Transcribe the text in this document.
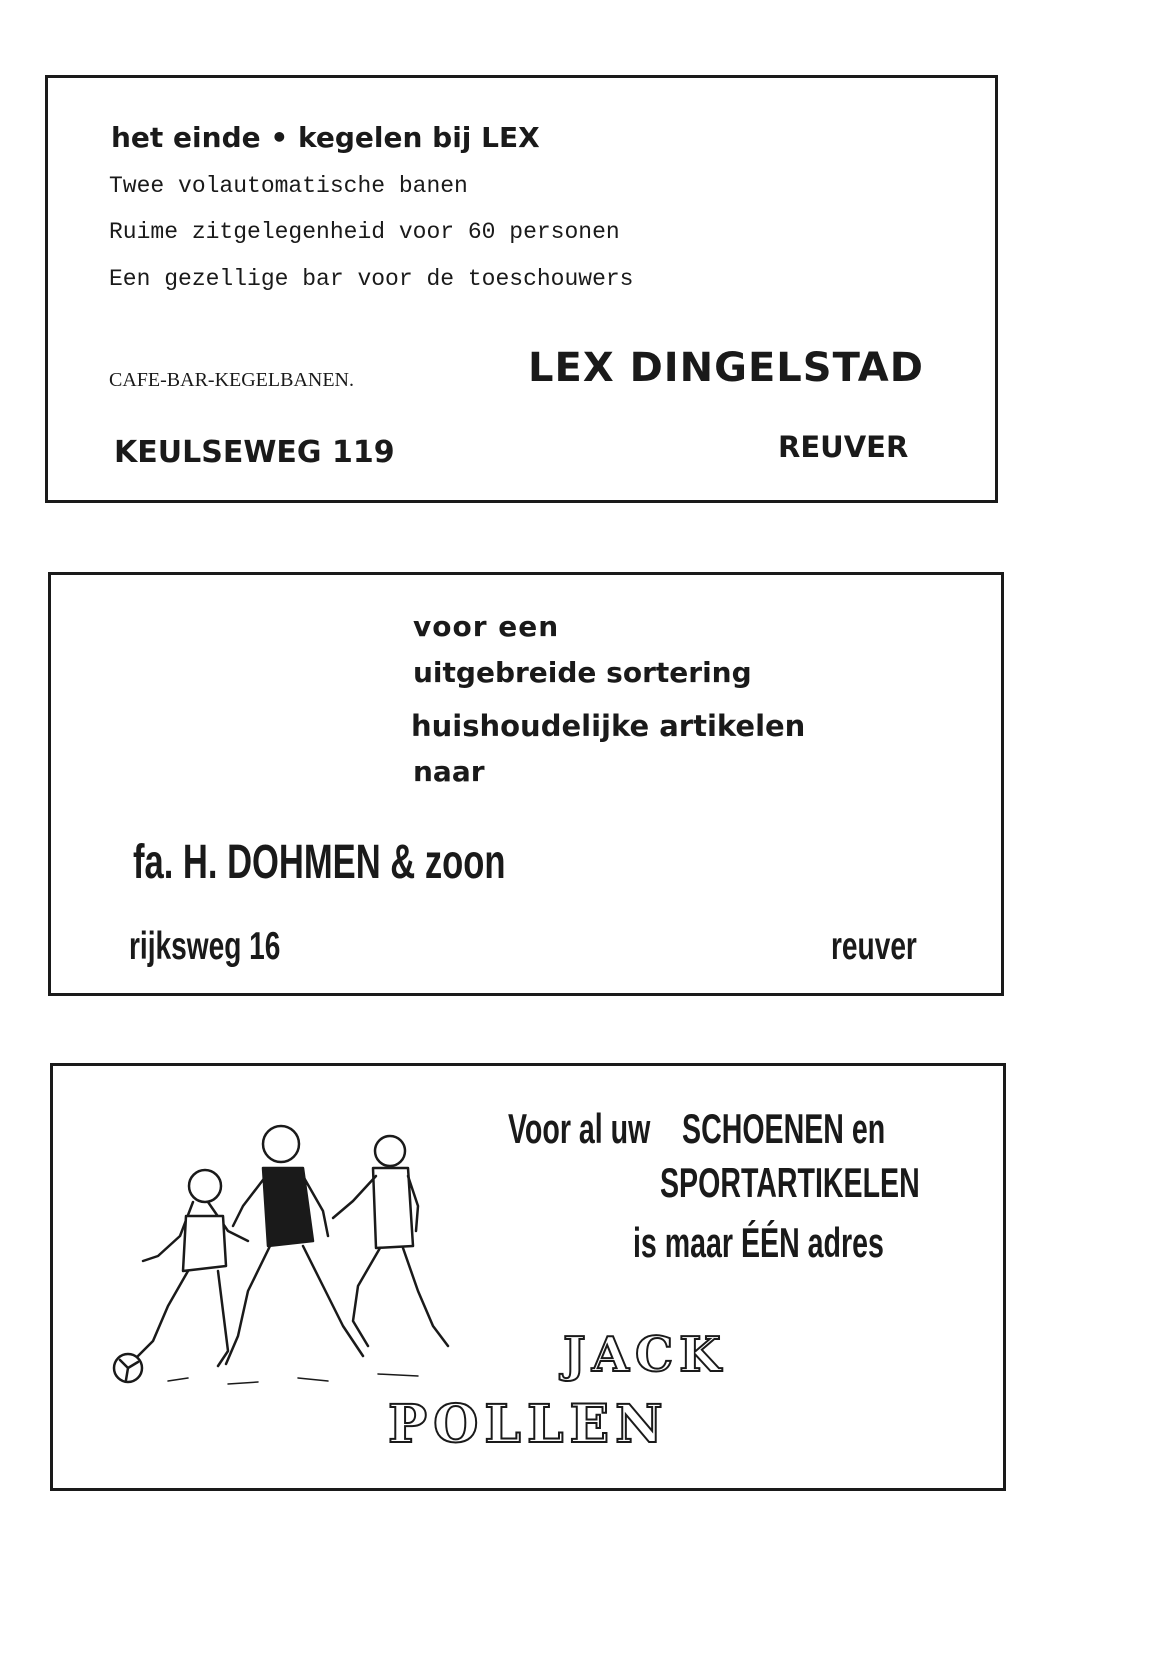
het einde • kegelen bij LEX
Twee volautomatische banen
Ruime zitgelegenheid voor 60 personen
Een gezellige bar voor de toeschouwers
CAFE-BAR-KEGELBANEN.	LEX DINGELSTAD
KEULSEWEG 119	REUVER
voor een
uitgebreide sortering
huishoudelijke artikelen
naar
fa. H. DOHMEN & zoon
rijksweg 16	reuver
Voor al uw    SCHOENEN en
SPORTARTIKELEN
is maar ÉÉN adres
JACK
POLLEN
